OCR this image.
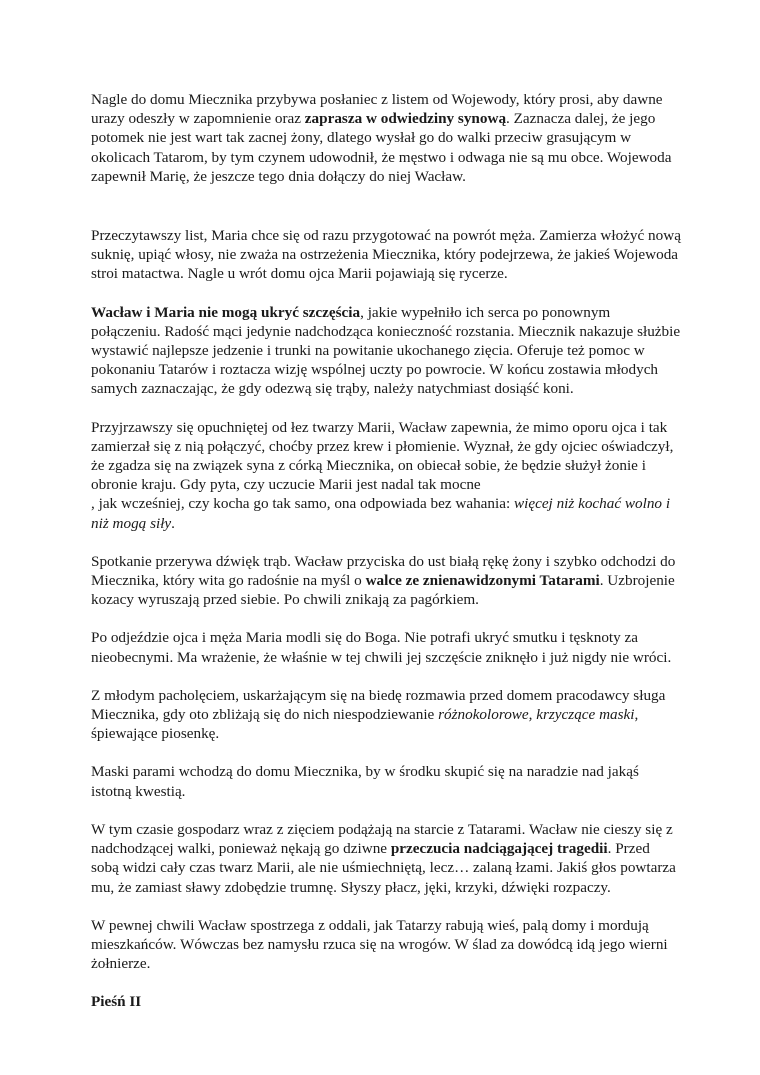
Nagle do domu Miecznika przybywa posłaniec z listem od Wojewody, który prosi, aby dawne urazy odeszły w zapomnienie oraz zaprasza w odwiedziny synową. Zaznacza dalej, że jego potomek nie jest wart tak zacnej żony, dlatego wysłał go do walki przeciw grasującym w okolicach Tatarom, by tym czynem udowodnił, że męstwo i odwaga nie są mu obce. Wojewoda zapewnił Marię, że jeszcze tego dnia dołączy do niej Wacław.

Przeczytawszy list, Maria chce się od razu przygotować na powrót męża. Zamierza włożyć nową suknię, upiąć włosy, nie zważa na ostrzeżenia Miecznika, który podejrzewa, że jakieś Wojewoda stroi matactwa. Nagle u wrót domu ojca Marii pojawiają się rycerze.

Wacław i Maria nie mogą ukryć szczęścia, jakie wypełniło ich serca po ponownym połączeniu. Radość mąci jedynie nadchodząca konieczność rozstania. Miecznik nakazuje służbie wystawić najlepsze jedzenie i trunki na powitanie ukochanego zięcia. Oferuje też pomoc w pokonaniu Tatarów i roztacza wizję wspólnej uczty po powrocie. W końcu zostawia młodych samych zaznaczając, że gdy odezwą się trąby, należy natychmiast dosiąść koni.

Przyjrzawszy się opuchniętej od łez twarzy Marii, Wacław zapewnia, że mimo oporu ojca i tak zamierzał się z nią połączyć, choćby przez krew i płomienie. Wyznał, że gdy ojciec oświadczył, że zgadza się na związek syna z córką Miecznika, on obiecał sobie, że będzie służył żonie i obronie kraju. Gdy pyta, czy uczucie Marii jest nadal tak mocne
, jak wcześniej, czy kocha go tak samo, ona odpowiada bez wahania: więcej niż kochać wolno i niż mogą siły.

Spotkanie przerywa dźwięk trąb. Wacław przyciska do ust białą rękę żony i szybko odchodzi do Miecznika, który wita go radośnie na myśl o walce ze znienawidzonymi Tatarami. Uzbrojenie kozacy wyruszają przed siebie. Po chwili znikają za pagórkiem.

Po odjeździe ojca i męża Maria modli się do Boga. Nie potrafi ukryć smutku i tęsknoty za nieobecnymi. Ma wrażenie, że właśnie w tej chwili jej szczęście zniknęło i już nigdy nie wróci.

Z młodym pacholęciem, uskarżającym się na biedę rozmawia przed domem pracodawcy sługa Miecznika, gdy oto zbliżają się do nich niespodziewanie różnokolorowe, krzyczące maski, śpiewające piosenkę.

Maski parami wchodzą do domu Miecznika, by w środku skupić się na naradzie nad jakąś istotną kwestią.

W tym czasie gospodarz wraz z zięciem podążają na starcie z Tatarami. Wacław nie cieszy się z nadchodzącej walki, ponieważ nękają go dziwne przeczucia nadciągającej tragedii. Przed sobą widzi cały czas twarz Marii, ale nie uśmiechniętą, lecz… zalaną łzami. Jakiś głos powtarza mu, że zamiast sławy zdobędzie trumnę. Słyszy płacz, jęki, krzyki, dźwięki rozpaczy.

W pewnej chwili Wacław spostrzega z oddali, jak Tatarzy rabują wieś, palą domy i mordują mieszkańców. Wówczas bez namysłu rzuca się na wrogów. W ślad za dowódcą idą jego wierni żołnierze.

Pieśń II
